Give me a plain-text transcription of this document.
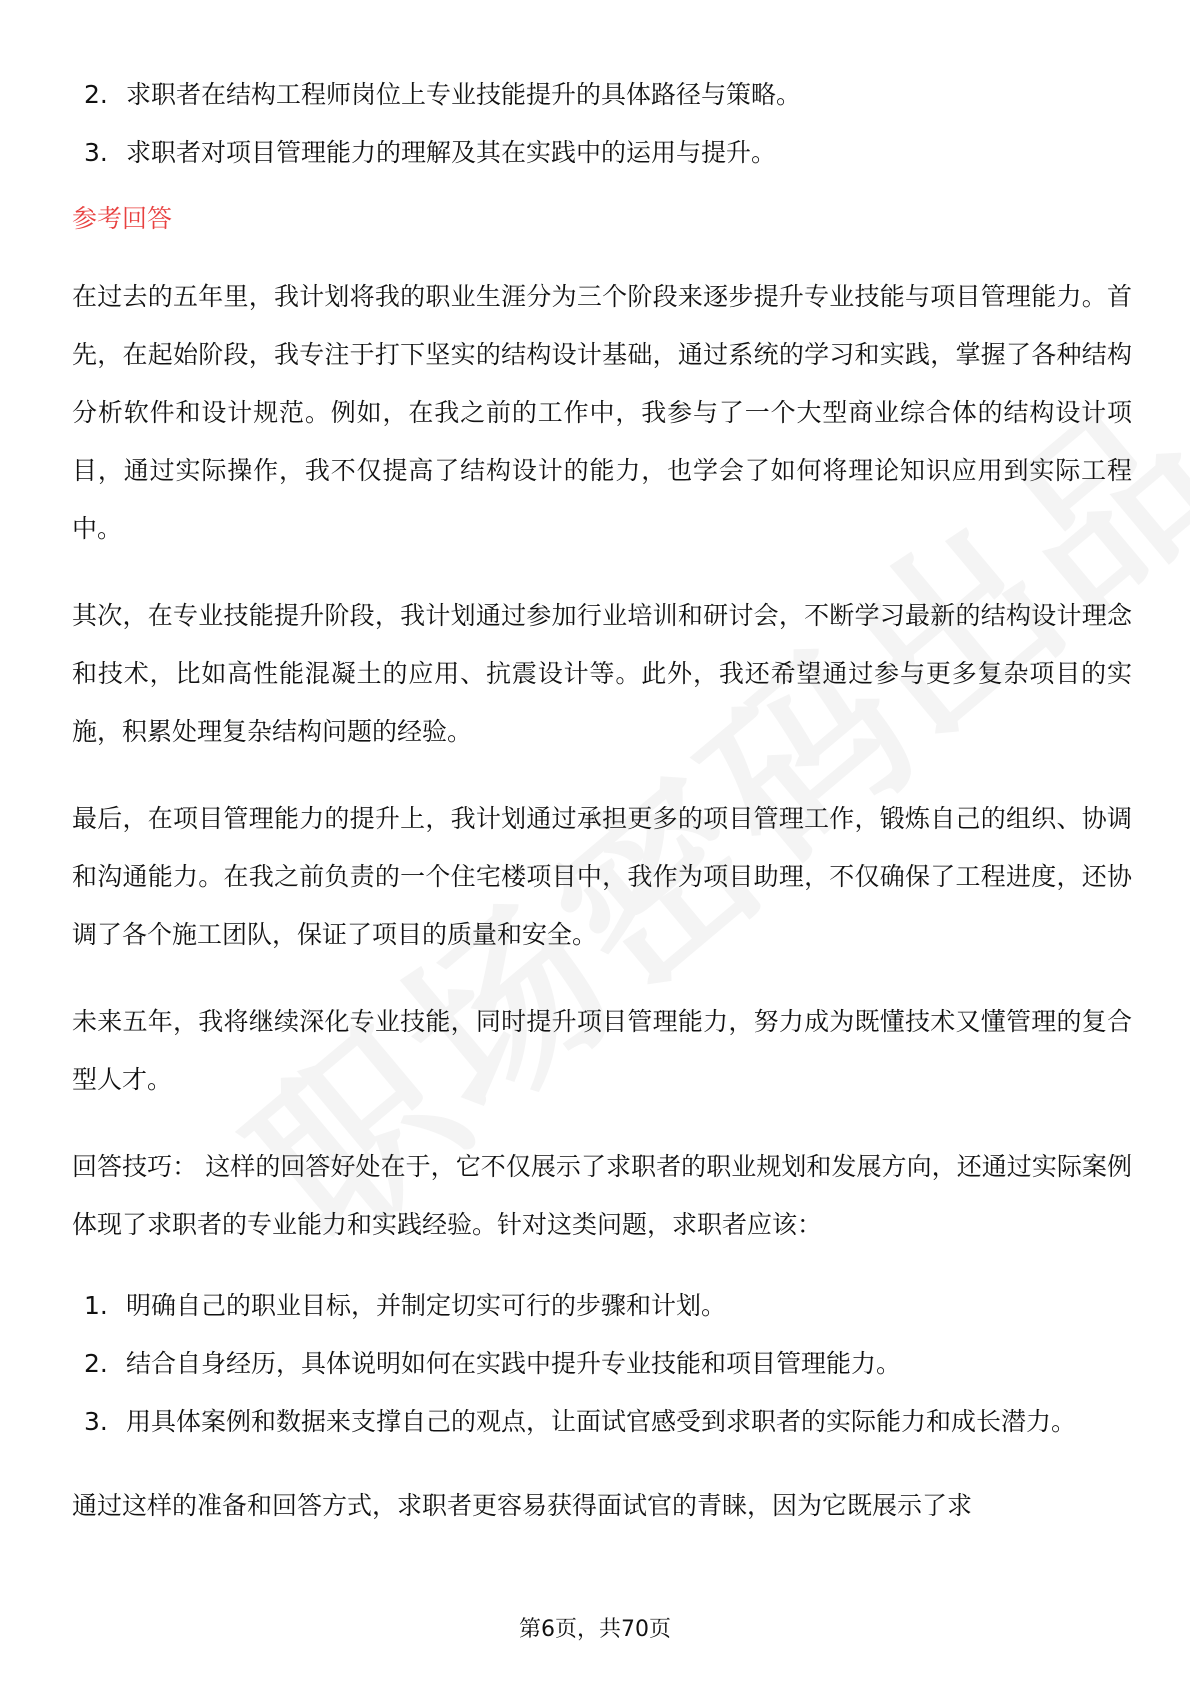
2. 求职者在结构工程师岗位上专业技能提升的具体路径与策略。
3. 求职者对项目管理能力的理解及其在实践中的运用与提升。
参考回答

在过去的五年里，我计划将我的职业生涯分为三个阶段来逐步提升专业技能与项目管理能力。首先，在起始阶段，我专注于打下坚实的结构设计基础，通过系统的学习和实践，掌握了各种结构分析软件和设计规范。例如，在我之前的工作中，我参与了一个大型商业综合体的结构设计项目，通过实际操作，我不仅提高了结构设计的能力，也学会了如何将理论知识应用到实际工程中。

其次，在专业技能提升阶段，我计划通过参加行业培训和研讨会，不断学习最新的结构设计理念和技术，比如高性能混凝土的应用、抗震设计等。此外，我还希望通过参与更多复杂项目的实施，积累处理复杂结构问题的经验。

最后，在项目管理能力的提升上，我计划通过承担更多的项目管理工作，锻炼自己的组织、协调和沟通能力。在我之前负责的一个住宅楼项目中，我作为项目助理，不仅确保了工程进度，还协调了各个施工团队，保证了项目的质量和安全。

未来五年，我将继续深化专业技能，同时提升项目管理能力，努力成为既懂技术又懂管理的复合型人才。

回答技巧： 这样的回答好处在于，它不仅展示了求职者的职业规划和发展方向，还通过实际案例体现了求职者的专业能力和实践经验。针对这类问题，求职者应该：

1. 明确自己的职业目标，并制定切实可行的步骤和计划。
2. 结合自身经历，具体说明如何在实践中提升专业技能和项目管理能力。
3. 用具体案例和数据来支撑自己的观点，让面试官感受到求职者的实际能力和成长潜力。

通过这样的准备和回答方式，求职者更容易获得面试官的青睐，因为它既展示了求

第6页，共70页
